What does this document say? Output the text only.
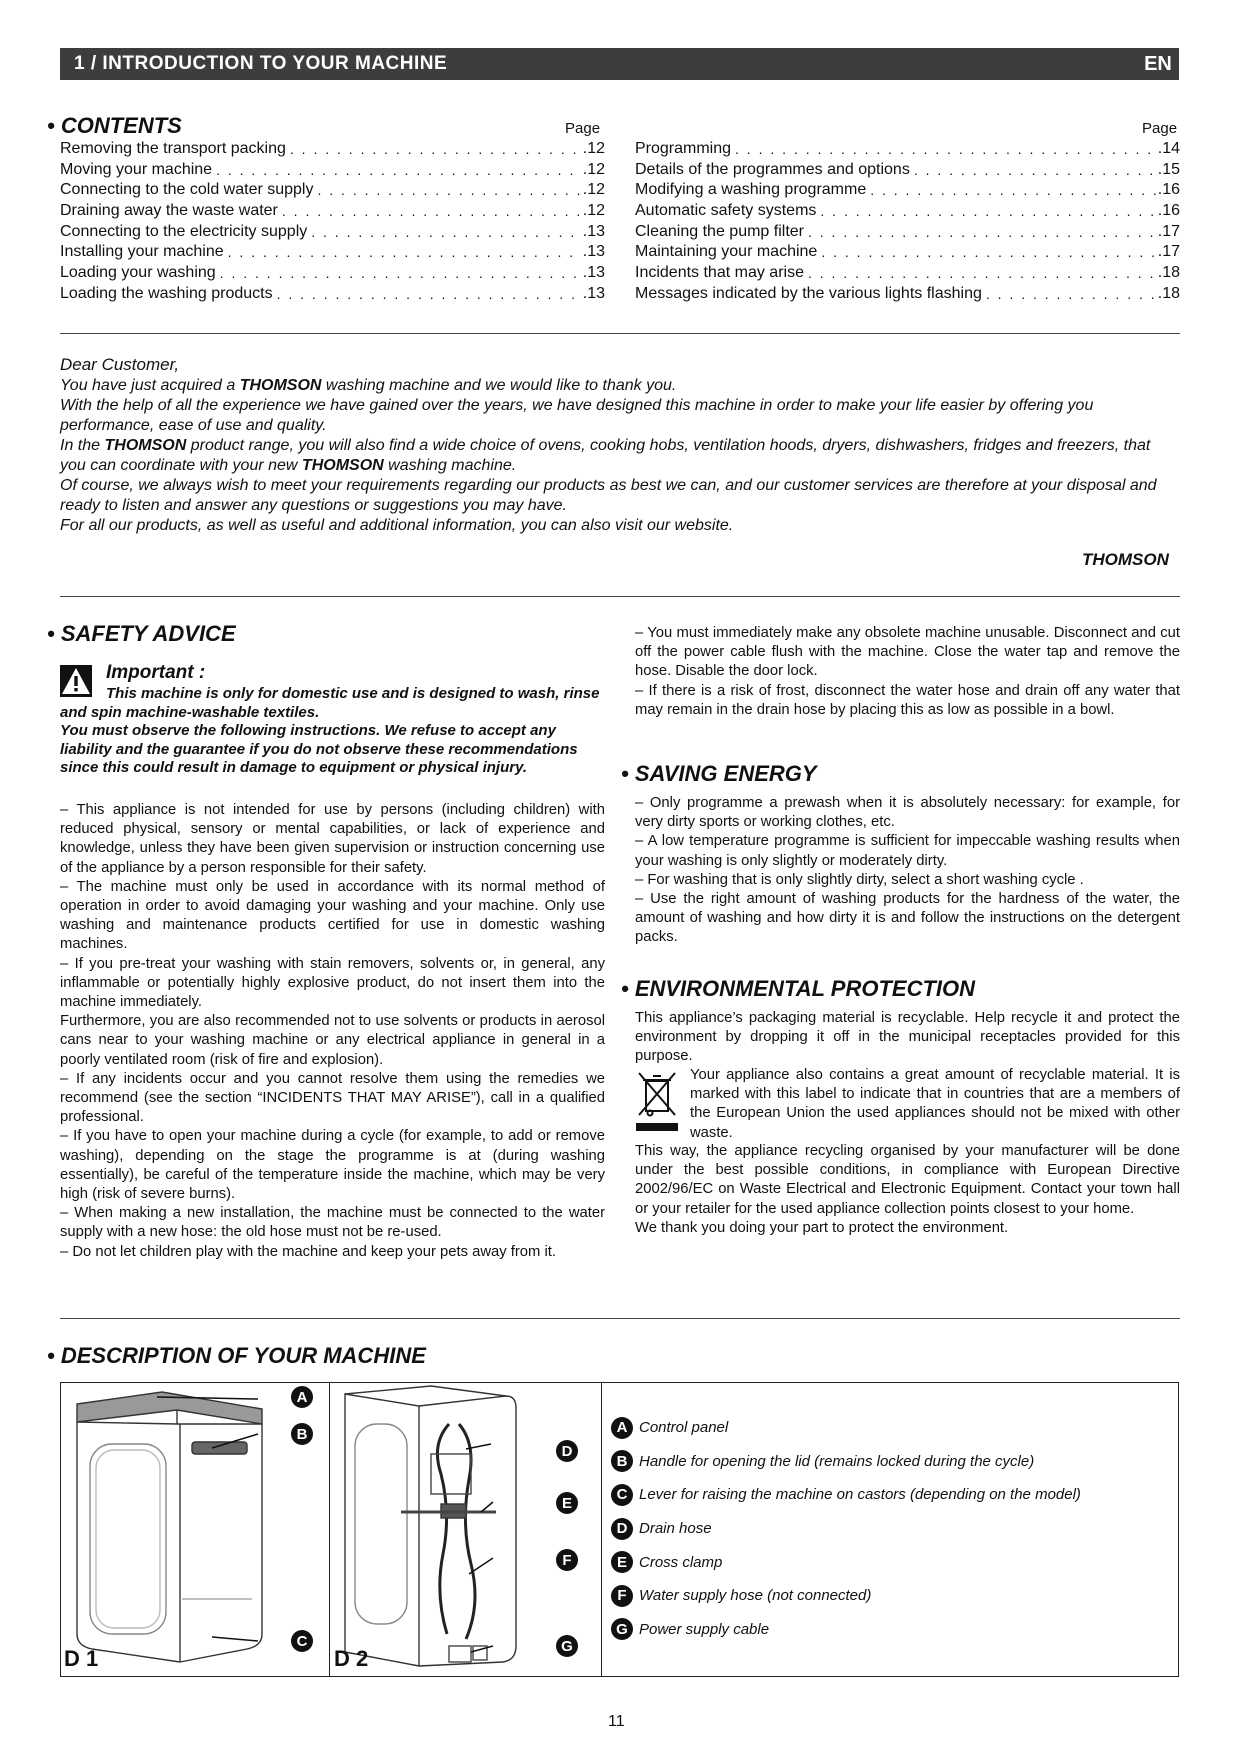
1 / INTRODUCTION TO YOUR MACHINE	EN
• CONTENTS	Page	Page
Removing the transport packing . . .	.12
Moving your machine . . .	.12
Connecting to the cold water supply . . .	.12
Draining away the waste water . . .	.12
Connecting to the electricity supply . . .	.13
Installing your machine . . .	.13
Loading your washing . . .	.13
Loading the washing products . . .	.13
Programming . . .	.14
Details of the programmes and options . . .	.15
Modifying a washing programme . . .	.16
Automatic safety systems . . .	.16
Cleaning the pump filter . . .	.17
Maintaining your machine . . .	.17
Incidents that may arise . . .	.18
Messages indicated by the various lights flashing . . .	.18

Dear Customer,

You have just acquired a THOMSON washing machine and we would like to thank you.

With the help of all the experience we have gained over the years, we have designed this machine in order to make your life easier by offering you performance, ease of use and quality.

In the THOMSON product range, you will also find a wide choice of ovens, cooking hobs, ventilation hoods, dryers, dishwashers, fridges and freezers, that you can coordinate with your new THOMSON washing machine.

Of course, we always wish to meet your requirements regarding our products as best we can, and our customer services are therefore at your disposal and ready to listen and answer any questions or suggestions you may have.

For all our products, as well as useful and additional information, you can also visit our website.

THOMSON
• SAFETY ADVICE
Important :
This machine is only for domestic use and is designed to wash, rinse and spin machine-washable textiles.
You must observe the following instructions. We refuse to accept any liability and the guarantee if you do not observe these recommendations since this could result in damage to equipment or physical injury.

– This appliance is not intended for use by persons (including children) with reduced physical, sensory or mental capabilities, or lack of experience and knowledge, unless they have been given supervision or instruction concerning use of the appliance by a person responsible for their safety.

– The machine must only be used in accordance with its normal method of operation in order to avoid damaging your washing and your machine. Only use washing and maintenance products certified for use in domestic washing machines.

– If you pre-treat your washing with stain removers, solvents or, in general, any inflammable or potentially highly explosive product, do not insert them into the machine immediately.

Furthermore, you are also recommended not to use solvents or products in aerosol cans near to your washing machine or any electrical appliance in general in a poorly ventilated room (risk of fire and explosion).

– If any incidents occur and you cannot resolve them using the remedies we recommend (see the section “INCIDENTS THAT MAY ARISE”), call in a qualified professional.

– If you have to open your machine during a cycle (for example, to add or remove washing), depending on the stage the programme is at (during washing essentially), be careful of the temperature inside the machine, which may be very high (risk of severe burns).

– When making a new installation, the machine must be connected to the water supply with a new hose: the old hose must not be re-used.

– Do not let children play with the machine and keep your pets away from it.

– You must immediately make any obsolete machine unusable. Disconnect and cut off the power cable flush with the machine. Close the water tap and remove the hose. Disable the door lock.

– If there is a risk of frost, disconnect the water hose and drain off any water that may remain in the drain hose by placing this as low as possible in a bowl.

• SAVING ENERGY

– Only programme a prewash when it is absolutely necessary: for example, for very dirty sports or working clothes, etc.

– A low temperature programme is sufficient for impeccable washing results when your washing is only slightly or moderately dirty.

– For washing that is only slightly dirty, select a short washing cycle .

– Use the right amount of washing products for the hardness of the water, the amount of washing and how dirty it is and follow the instructions on the detergent packs.

• ENVIRONMENTAL PROTECTION

This appliance’s packaging material is recyclable. Help recycle it and protect the environment by dropping it off in the municipal receptacles provided for this purpose.

Your appliance also contains a great amount of recyclable material. It is marked with this label to indicate that in countries that are a members of the European Union the used appliances should not be mixed with other waste.

This way, the appliance recycling organised by your manufacturer will be done under the best possible conditions, in compliance with European Directive 2002/96/EC on Waste Electrical and Electronic Equipment. Contact your town hall or your retailer for the used appliance collection points closest to your home.

We thank you doing your part to protect the environment.

• DESCRIPTION OF YOUR MACHINE
A
B
C
D 1
D
E
F
G
D 2
A Control panel
B Handle for opening the lid (remains locked during the cycle)
C Lever for raising the machine on castors (depending on the model)
D Drain hose
E Cross clamp
F Water supply hose (not connected)
G Power supply cable
11
